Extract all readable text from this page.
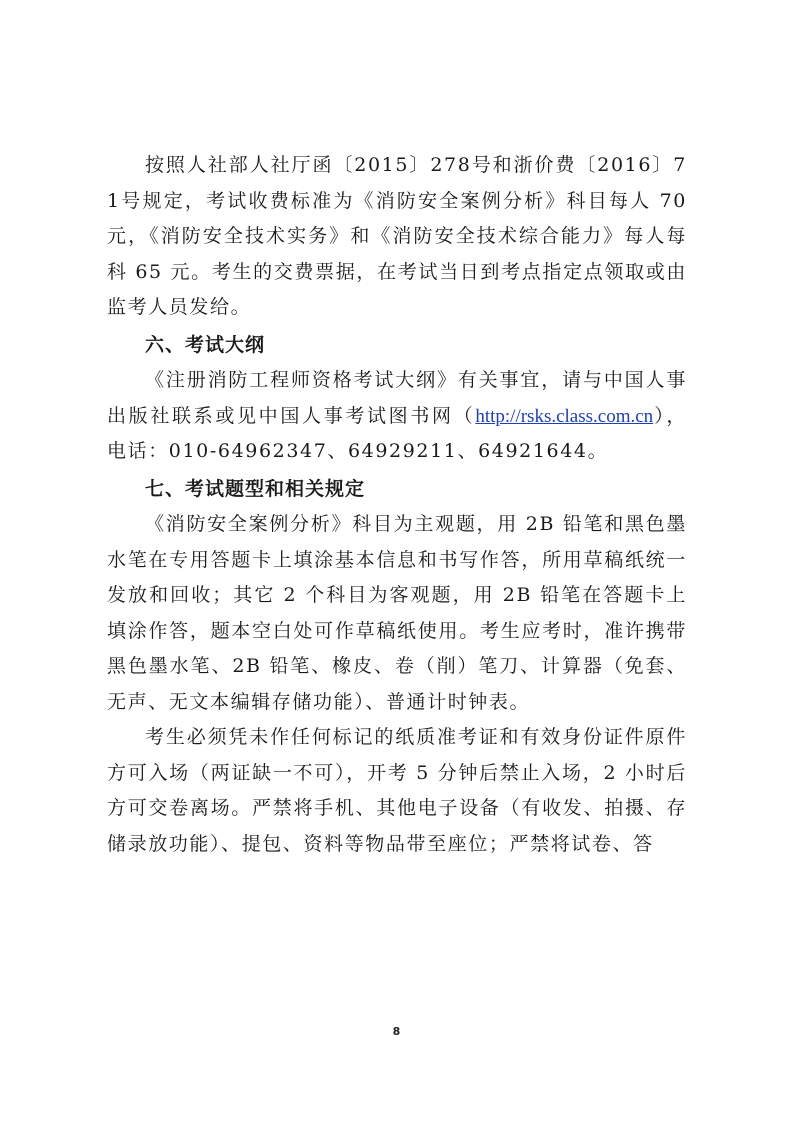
按照人社部人社厅函〔2015〕278号和浙价费〔2016〕71号规定，考试收费标准为《消防安全案例分析》科目每人 70 元，《消防安全技术实务》和《消防安全技术综合能力》每人每科 65 元。考生的交费票据，在考试当日到考点指定点领取或由监考人员发给。

六、考试大纲

《注册消防工程师资格考试大纲》有关事宜，请与中国人事出版社联系或见中国人事考试图书网（http://rsks.class.com.cn），电话：010-64962347、64929211、64921644。

七、考试题型和相关规定

《消防安全案例分析》科目为主观题，用 2B 铅笔和黑色墨水笔在专用答题卡上填涂基本信息和书写作答，所用草稿纸统一发放和回收；其它 2 个科目为客观题，用 2B 铅笔在答题卡上填涂作答，题本空白处可作草稿纸使用。考生应考时，准许携带黑色墨水笔、2B 铅笔、橡皮、卷（削）笔刀、计算器（免套、无声、无文本编辑存储功能）、普通计时钟表。

考生必须凭未作任何标记的纸质准考证和有效身份证件原件方可入场（两证缺一不可），开考 5 分钟后禁止入场，2 小时后方可交卷离场。严禁将手机、其他电子设备（有收发、拍摄、存储录放功能）、提包、资料等物品带至座位；严禁将试卷、答

8
